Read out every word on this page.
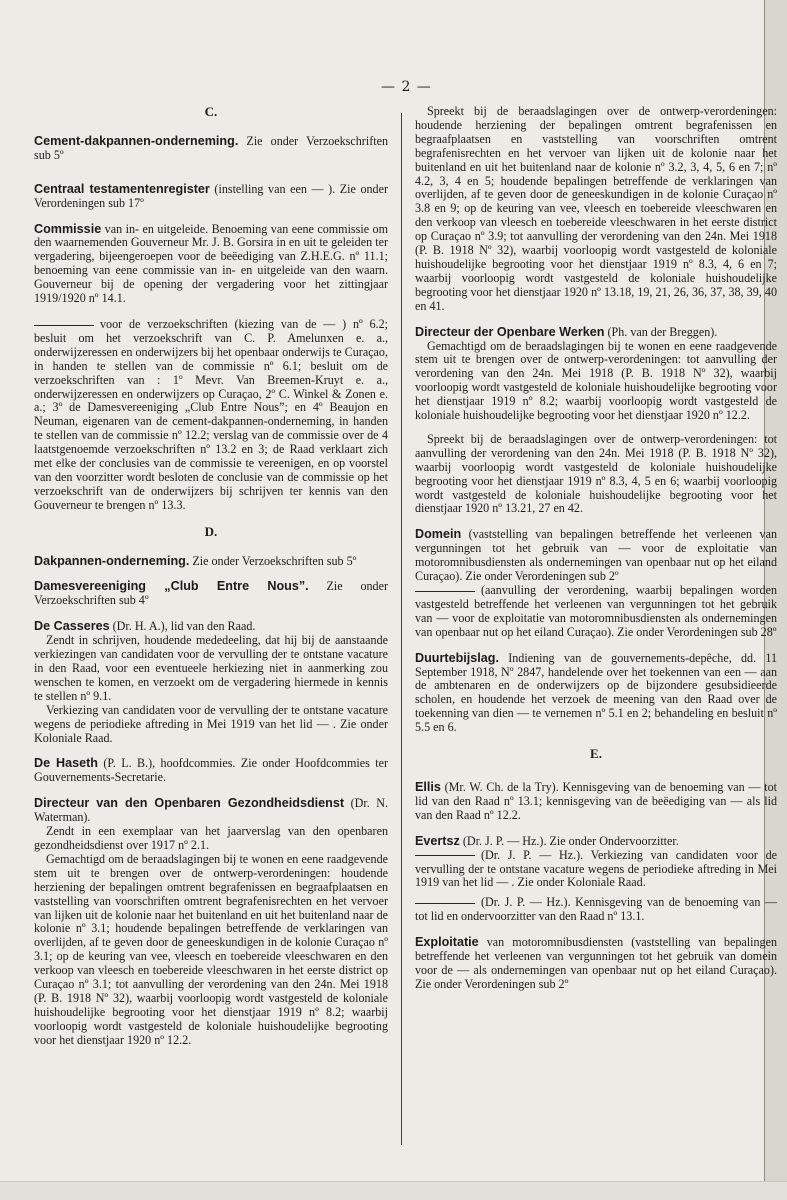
— 2 —
C.
Cement-dakpannen-onderneming. Zie onder Verzoekschriften sub 5º
Centraal testamentenregister (instelling van een — ). Zie onder Verordeningen sub 17º
Commissie van in- en uitgeleide. Benoeming van eene commissie om den waarnemenden Gouverneur Mr. J. B. Gorsira in en uit te geleiden ter vergadering, bijeengeroepen voor de beëediging van Z.H.E.G. nº 11.1; benoeming van eene commissie van in- en uitgeleide van den waarn. Gouverneur bij de opening der vergadering voor het zittingjaar 1919/1920 nº 14.1.
voor de verzoekschriften (kiezing van de — ) nº 6.2; besluit om het verzoekschrift van C. P. Amelunxen e. a., onderwijzeressen en onderwijzers bij het openbaar onderwijs te Curaçao, in handen te stellen van de commissie nº 6.1; besluit om de verzoekschriften van : 1º Mevr. Van Breemen-Kruyt e. a., onderwijzeressen en onderwijzers op Curaçao, 2º C. Winkel & Zonen e. a.; 3º de Damesvereeniging „Club Entre Nous”; en 4º Beaujon en Neuman, eigenaren van de cement-dakpannen-onderneming, in handen te stellen van de commissie nº 12.2; verslag van de commissie over de 4 laatstgenoemde verzoekschriften nº 13.2 en 3; de Raad verklaart zich met elke der conclusies van de commissie te vereenigen, en op voorstel van den voorzitter wordt besloten de conclusie van de commissie op het verzoekschrift van de onderwijzers bij schrijven ter kennis van den Gouverneur te brengen nº 13.3.
D.
Dakpannen-onderneming. Zie onder Verzoekschriften sub 5º
Damesvereeniging „Club Entre Nous”. Zie onder Verzoekschriften sub 4º
De Casseres (Dr. H. A.), lid van den Raad.
Zendt in schrijven, houdende mededeeling, dat hij bij de aanstaande verkiezingen van candidaten voor de vervulling der te ontstane vacature in den Raad, voor een eventueele herkiezing niet in aanmerking zou wenschen te komen, en verzoekt om de vergadering hiermede in kennis te stellen nº 9.1.
Verkiezing van candidaten voor de vervulling der te ontstane vacature wegens de periodieke aftreding in Mei 1919 van het lid — . Zie onder Koloniale Raad.
De Haseth (P. L. B.), hoofdcommies. Zie onder Hoofdcommies ter Gouvernements-Secretarie.
Directeur van den Openbaren Gezondheidsdienst (Dr. N. Waterman).
Zendt in een exemplaar van het jaarverslag van den openbaren gezondheidsdienst over 1917 nº 2.1.
Gemachtigd om de beraadslagingen bij te wonen en eene raadgevende stem uit te brengen over de ontwerp-verordeningen: houdende herziening der bepalingen omtrent begrafenissen en begraafplaatsen en vaststelling van voorschriften omtrent begrafenisrechten en het vervoer van lijken uit de kolonie naar het buitenland en uit het buitenland naar de kolonie nº 3.1; houdende bepalingen betreffende de verklaringen van overlijden, af te geven door de geneeskundigen in de kolonie Curaçao nº 3.1; op de keuring van vee, vleesch en toebereide vleeschwaren en den verkoop van vleesch en toebereide vleeschwaren in het eerste district op Curaçao nº 3.1; tot aanvulling der verordening van den 24n. Mei 1918 (P. B. 1918 Nº 32), waarbij voorloopig wordt vastgesteld de koloniale huishoudelijke begrooting voor het dienstjaar 1919 nº 8.2; waarbij voorloopig wordt vastgesteld de koloniale huishoudelijke begrooting voor het dienstjaar 1920 nº 12.2.
Spreekt bij de beraadslagingen over de ontwerp-verordeningen: houdende herziening der bepalingen omtrent begrafenissen en begraafplaatsen en vaststelling van voorschriften omtrent begrafenisrechten en het vervoer van lijken uit de kolonie naar het buitenland en uit het buitenland naar de kolonie nº 3.2, 3, 4, 5, 6 en 7; nº 4.2, 3, 4 en 5; houdende bepalingen betreffende de verklaringen van overlijden, af te geven door de geneeskundigen in de kolonie Curaçao nº 3.8 en 9; op de keuring van vee, vleesch en toebereide vleeschwaren en den verkoop van vleesch en toebereide vleeschwaren in het eerste district op Curaçao nº 3.9; tot aanvulling der verordening van den 24n. Mei 1918 (P. B. 1918 Nº 32), waarbij voorloopig wordt vastgesteld de koloniale huishoudelijke begrooting voor het dienstjaar 1919 nº 8.3, 4, 6 en 7; waarbij voorloopig wordt vastgesteld de koloniale huishoudelijke begrooting voor het dienstjaar 1920 nº 13.18, 19, 21, 26, 36, 37, 38, 39, 40 en 41.
Directeur der Openbare Werken (Ph. van der Breggen).
Gemachtigd om de beraadslagingen bij te wonen en eene raadgevende stem uit te brengen over de ontwerp-verordeningen: tot aanvulling der verordening van den 24n. Mei 1918 (P. B. 1918 Nº 32), waarbij voorloopig wordt vastgesteld de koloniale huishoudelijke begrooting voor het dienstjaar 1919 nº 8.2; waarbij voorloopig wordt vastgesteld de koloniale huishoudelijke begrooting voor het dienstjaar 1920 nº 12.2.
Spreekt bij de beraadslagingen over de ontwerp-verordeningen: tot aanvulling der verordening van den 24n. Mei 1918 (P. B. 1918 Nº 32), waarbij voorloopig wordt vastgesteld de koloniale huishoudelijke begrooting voor het dienstjaar 1919 nº 8.3, 4, 5 en 6; waarbij voorloopig wordt vastgesteld de koloniale huishoudelijke begrooting voor het dienstjaar 1920 nº 13.21, 27 en 42.
Domein (vaststelling van bepalingen betreffende het verleenen van vergunningen tot het gebruik van — voor de exploitatie van motoromnibusdiensten als ondernemingen van openbaar nut op het eiland Curaçao). Zie onder Verordeningen sub 2º
(aanvulling der verordening, waarbij bepalingen worden vastgesteld betreffende het verleenen van vergunningen tot het gebruik van — voor de exploitatie van motoromnibusdiensten als ondernemingen van openbaar nut op het eiland Curaçao). Zie onder Verordeningen sub 28º
Duurtebijslag. Indiening van de gouvernements-depêche, dd. 11 September 1918, Nº 2847, handelende over het toekennen van een — aan de ambtenaren en de onderwijzers op de bijzondere gesubsidieerde scholen, en houdende het verzoek de meening van den Raad over de toekenning van dien — te vernemen nº 5.1 en 2; behandeling en besluit nº 5.5 en 6.
E.
Ellis (Mr. W. Ch. de la Try). Kennisgeving van de benoeming van — tot lid van den Raad nº 13.1; kennisgeving van de beëediging van — als lid van den Raad nº 12.2.
Evertsz (Dr. J. P. — Hz.). Zie onder Ondervoorzitter.
(Dr. J. P. — Hz.). Verkiezing van candidaten voor de vervulling der te ontstane vacature wegens de periodieke aftreding in Mei 1919 van het lid — . Zie onder Koloniale Raad.
(Dr. J. P. — Hz.). Kennisgeving van de benoeming van — tot lid en ondervoorzitter van den Raad nº 13.1.
Exploitatie van motoromnibusdiensten (vaststelling van bepalingen betreffende het verleenen van vergunningen tot het gebruik van domein voor de — als ondernemingen van openbaar nut op het eiland Curaçao). Zie onder Verordeningen sub 2º
